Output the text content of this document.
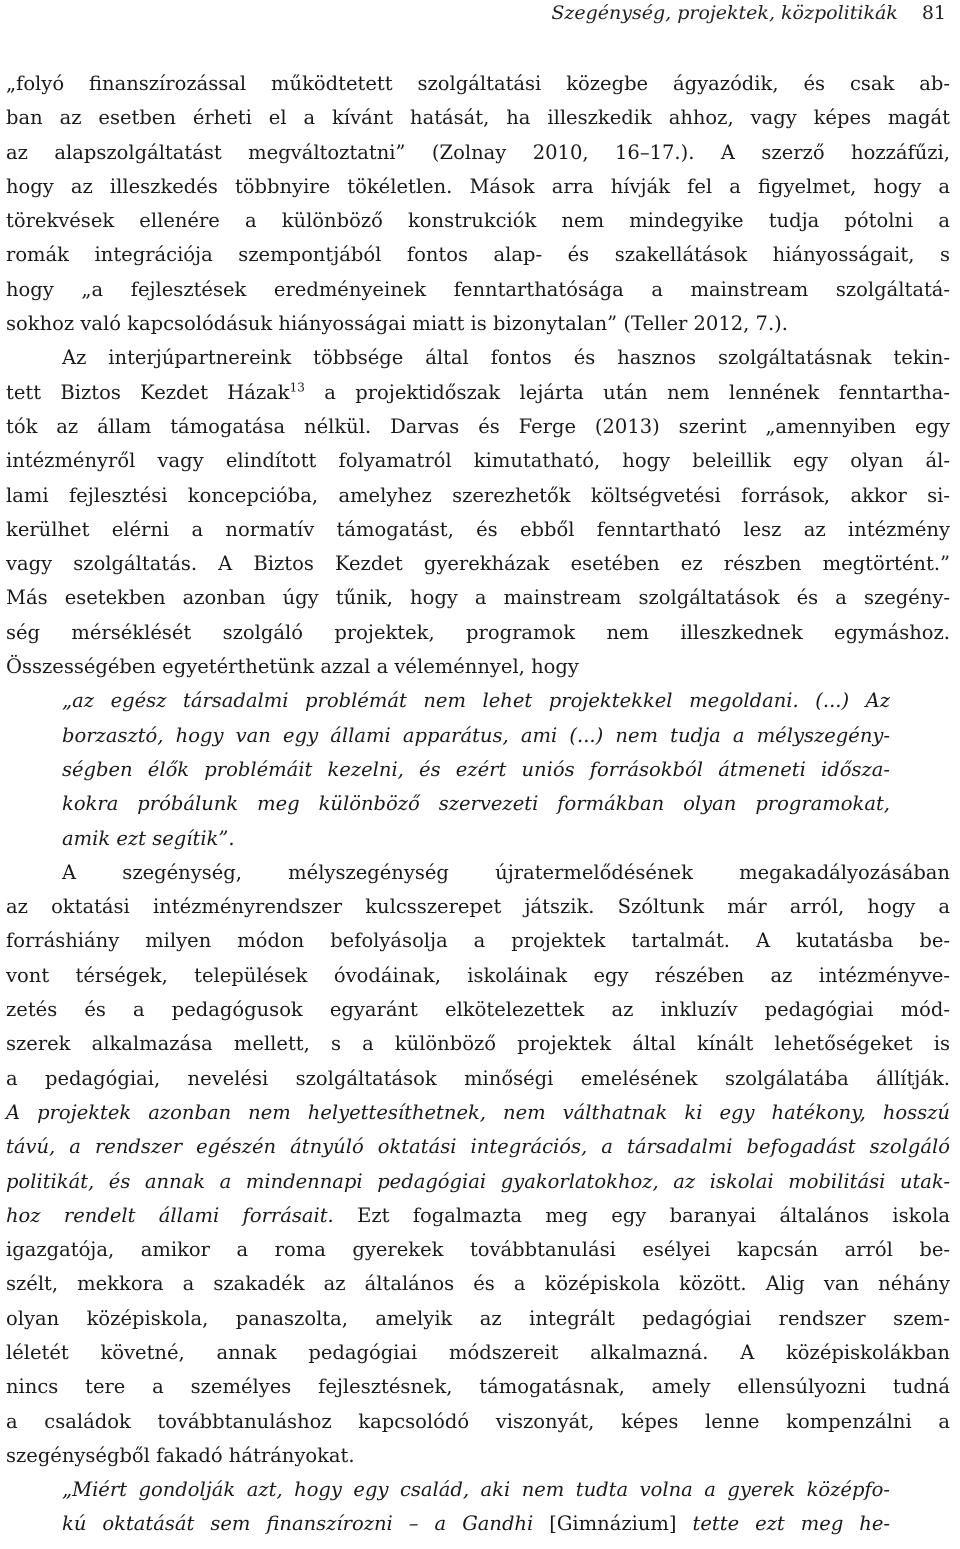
Szegénység, projektek, közpolitikák 81
„folyó finanszírozással működtetett szolgáltatási közegbe ágyazódik, és csak ab-
ban az esetben érheti el a kívánt hatását, ha illeszkedik ahhoz, vagy képes magát
az alapszolgáltatást megváltoztatni” (Zolnay 2010, 16–17.). A szerző hozzáfűzi,
hogy az illeszkedés többnyire tökéletlen. Mások arra hívják fel a figyelmet, hogy a
törekvések ellenére a különböző konstrukciók nem mindegyike tudja pótolni a
romák integrációja szempontjából fontos alap- és szakellátások hiányosságait, s
hogy „a fejlesztések eredményeinek fenntarthatósága a mainstream szolgáltatá-
sokhoz való kapcsolódásuk hiányosságai miatt is bizonytalan” (Teller 2012, 7.).
Az interjúpartnereink többsége által fontos és hasznos szolgáltatásnak tekin-
tett Biztos Kezdet Házak$^{13}$ a projektidőszak lejárta után nem lennének fenntartha-
tók az állam támogatása nélkül. Darvas és Ferge (2013) szerint „amennyiben egy
intézményről vagy elindított folyamatról kimutatható, hogy beleillik egy olyan ál-
lami fejlesztési koncepcióba, amelyhez szerezhetők költségvetési források, akkor si-
kerülhet elérni a normatív támogatást, és ebből fenntartható lesz az intézmény
vagy szolgáltatás. A Biztos Kezdet gyerekházak esetében ez részben megtörtént.”
Más esetekben azonban úgy tűnik, hogy a mainstream szolgáltatások és a szegény-
ség mérséklését szolgáló projektek, programok nem illeszkednek egymáshoz.
Összességében egyetérthetünk azzal a véleménnyel, hogy
„az egész társadalmi problémát nem lehet projektekkel megoldani. (...) Az
borzasztó, hogy van egy állami apparátus, ami (...) nem tudja a mélyszegény-
ségben élők problémáit kezelni, és ezért uniós forrásokból átmeneti idősza-
kokra próbálunk meg különböző szervezeti formákban olyan programokat,
amik ezt segítik”.
A szegénység, mélyszegénység újratermelődésének megakadályozásában
az oktatási intézményrendszer kulcsszerepet játszik. Szóltunk már arról, hogy a
forráshiány milyen módon befolyásolja a projektek tartalmát. A kutatásba be-
vont térségek, települések óvodáinak, iskoláinak egy részében az intézményve-
zetés és a pedagógusok egyaránt elkötelezettek az inkluzív pedagógiai mód-
szerek alkalmazása mellett, s a különböző projektek által kínált lehetőségeket is
a pedagógiai, nevelési szolgáltatások minőségi emelésének szolgálatába állítják.
A projektek azonban nem helyettesíthetnek, nem válthatnak ki egy hatékony, hosszú
távú, a rendszer egészén átnyúló oktatási integrációs, a társadalmi befogadást szolgáló
politikát, és annak a mindennapi pedagógiai gyakorlatokhoz, az iskolai mobilitási utak-
hoz rendelt állami forrásait. Ezt fogalmazta meg egy baranyai általános iskola
igazgatója, amikor a roma gyerekek továbbtanulási esélyei kapcsán arról be-
szélt, mekkora a szakadék az általános és a középiskola között. Alig van néhány
olyan középiskola, panaszolta, amelyik az integrált pedagógiai rendszer szem-
léletét követné, annak pedagógiai módszereit alkalmazná. A középiskolákban
nincs tere a személyes fejlesztésnek, támogatásnak, amely ellensúlyozni tudná
a családok továbbtanuláshoz kapcsolódó viszonyát, képes lenne kompenzálni a
szegénységből fakadó hátrányokat.
„Miért gondolják azt, hogy egy család, aki nem tudta volna a gyerek középfo-
kú oktatását sem finanszírozni – a Gandhi [Gimnázium] tette ezt meg he-
